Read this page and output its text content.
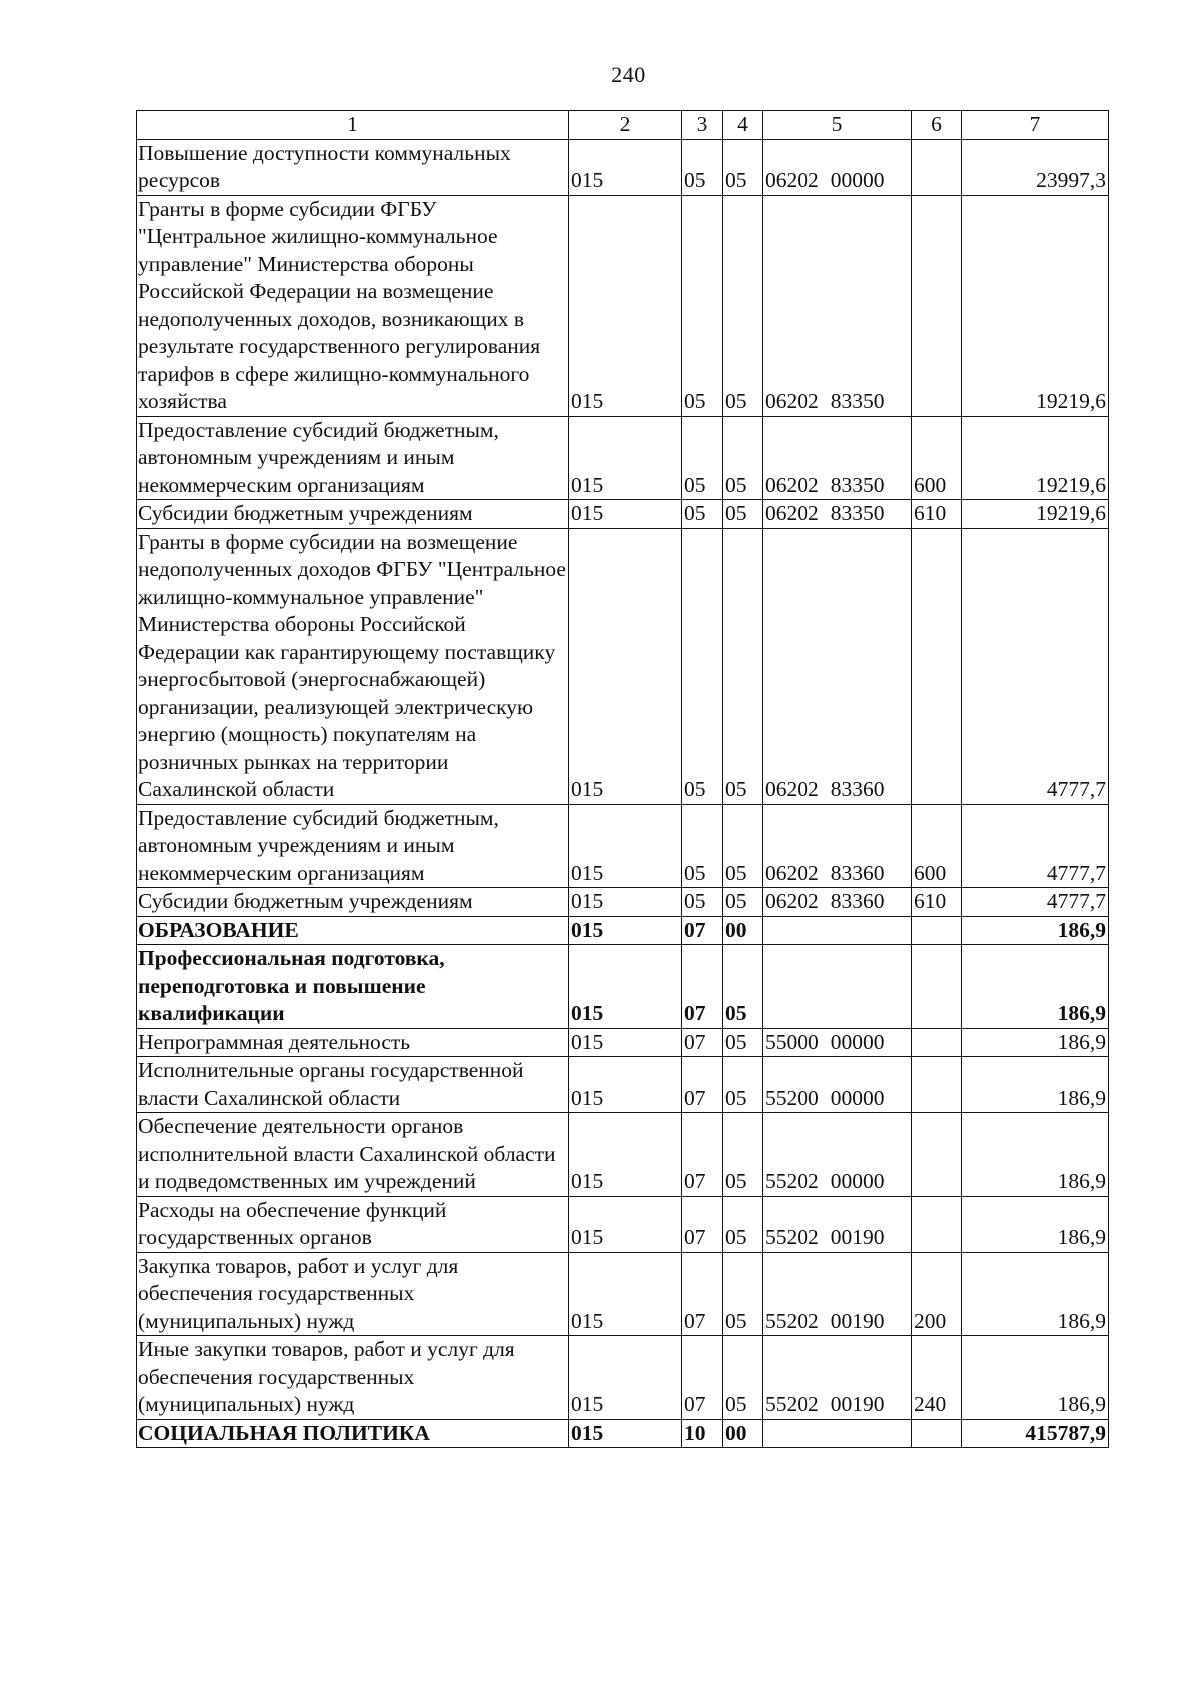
240
1	2	3	4	5	6	7
Повышение доступности коммунальных ресурсов	015	05	05	06202 00000		23997,3
Гранты в форме субсидии ФГБУ "Центральное жилищно-коммунальное управление" Министерства обороны Российской Федерации на возмещение недополученных доходов, возникающих в результате государственного регулирования тарифов в сфере жилищно-коммунального хозяйства	015	05	05	06202 83350		19219,6
Предоставление субсидий бюджетным, автономным учреждениям и иным некоммерческим организациям	015	05	05	06202 83350	600	19219,6
Субсидии бюджетным учреждениям	015	05	05	06202 83350	610	19219,6
Гранты в форме субсидии на возмещение недополученных доходов ФГБУ "Центральное жилищно-коммунальное управление" Министерства обороны Российской Федерации как гарантирующему поставщику энергосбытовой (энергоснабжающей) организации, реализующей электрическую энергию (мощность) покупателям на розничных рынках на территории Сахалинской области	015	05	05	06202 83360		4777,7
Предоставление субсидий бюджетным, автономным учреждениям и иным некоммерческим организациям	015	05	05	06202 83360	600	4777,7
Субсидии бюджетным учреждениям	015	05	05	06202 83360	610	4777,7
ОБРАЗОВАНИЕ	015	07	00			186,9
Профессиональная подготовка, переподготовка и повышение квалификации	015	07	05			186,9
Непрограммная деятельность	015	07	05	55000 00000		186,9
Исполнительные органы государственной власти Сахалинской области	015	07	05	55200 00000		186,9
Обеспечение деятельности органов исполнительной власти Сахалинской области и подведомственных им учреждений	015	07	05	55202 00000		186,9
Расходы на обеспечение функций государственных органов	015	07	05	55202 00190		186,9
Закупка товаров, работ и услуг для обеспечения государственных (муниципальных) нужд	015	07	05	55202 00190	200	186,9
Иные закупки товаров, работ и услуг для обеспечения государственных (муниципальных) нужд	015	07	05	55202 00190	240	186,9
СОЦИАЛЬНАЯ ПОЛИТИКА	015	10	00			415787,9
